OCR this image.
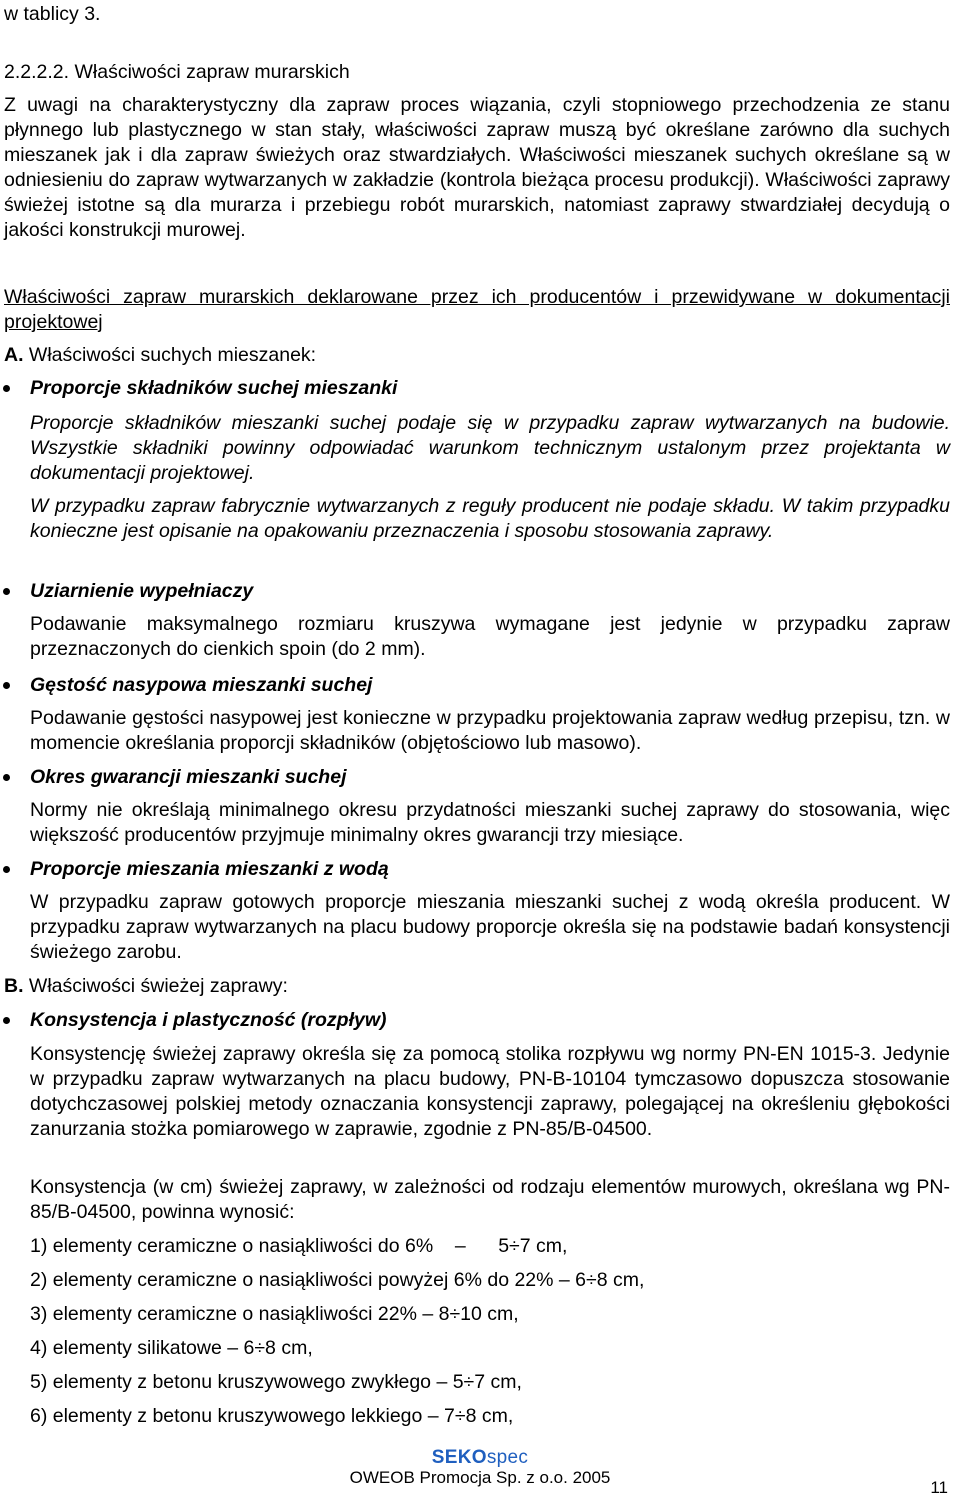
w tablicy 3.

2.2.2.2. Właściwości zapraw murarskich

Z uwagi na charakterystyczny dla zapraw proces wiązania, czyli stopniowego przechodzenia ze stanu płynnego lub plastycznego w stan stały, właściwości zapraw muszą być określane zarówno dla suchych mieszanek jak i dla zapraw świeżych oraz stwardziałych. Właściwości mieszanek suchych określane są w odniesieniu do zapraw wytwarzanych w zakładzie (kontrola bieżąca procesu produkcji). Właściwości zaprawy świeżej istotne są dla murarza i przebiegu robót murarskich, natomiast zaprawy stwardziałej decydują o jakości konstrukcji murowej.

Właściwości zapraw murarskich deklarowane przez ich producentów i przewidywane w dokumentacji projektowej

A. Właściwości suchych mieszanek:

Proporcje składników suchej mieszanki

Proporcje składników mieszanki suchej podaje się w przypadku zapraw wytwarzanych na budowie. Wszystkie składniki powinny odpowiadać warunkom technicznym ustalonym przez projektanta w dokumentacji projektowej.

W przypadku zapraw fabrycznie wytwarzanych z reguły producent nie podaje składu. W takim przypadku konieczne jest opisanie na opakowaniu przeznaczenia i sposobu stosowania zaprawy.

Uziarnienie wypełniaczy

Podawanie maksymalnego rozmiaru kruszywa wymagane jest jedynie w przypadku zapraw przeznaczonych do cienkich spoin (do 2 mm).

Gęstość nasypowa mieszanki suchej

Podawanie gęstości nasypowej jest konieczne w przypadku projektowania zapraw według przepisu, tzn. w momencie określania proporcji składników (objętościowo lub masowo).

Okres gwarancji mieszanki suchej

Normy nie określają minimalnego okresu przydatności mieszanki suchej zaprawy do stosowania, więc większość producentów przyjmuje minimalny okres gwarancji trzy miesiące.

Proporcje mieszania mieszanki z wodą

W przypadku zapraw gotowych proporcje mieszania mieszanki suchej z wodą określa producent. W przypadku zapraw wytwarzanych na placu budowy proporcje określa się na podstawie badań konsystencji świeżego zarobu.

B. Właściwości świeżej zaprawy:

Konsystencja i plastyczność (rozpływ)

Konsystencję świeżej zaprawy określa się za pomocą stolika rozpływu wg normy PN-EN 1015-3. Jedynie w przypadku zapraw wytwarzanych na placu budowy, PN-B-10104 tymczasowo dopuszcza stosowanie dotychczasowej polskiej metody oznaczania konsystencji zaprawy, polegającej na określeniu głębokości zanurzania stożka pomiarowego w zaprawie, zgodnie z PN-85/B-04500.

Konsystencja (w cm) świeżej zaprawy, w zależności od rodzaju elementów murowych, określana wg PN-85/B-04500, powinna wynosić:

1) elementy ceramiczne o nasiąkliwości do 6%    –      5÷7 cm,

2) elementy ceramiczne o nasiąkliwości powyżej 6% do 22% – 6÷8 cm,

3) elementy ceramiczne o nasiąkliwości 22% – 8÷10 cm,

4) elementy silikatowe – 6÷8 cm,

5) elementy z betonu kruszywowego zwykłego – 5÷7 cm,

6) elementy z betonu kruszywowego lekkiego – 7÷8 cm,

SEKOspec
OWEOB Promocja Sp. z o.o. 2005
11
